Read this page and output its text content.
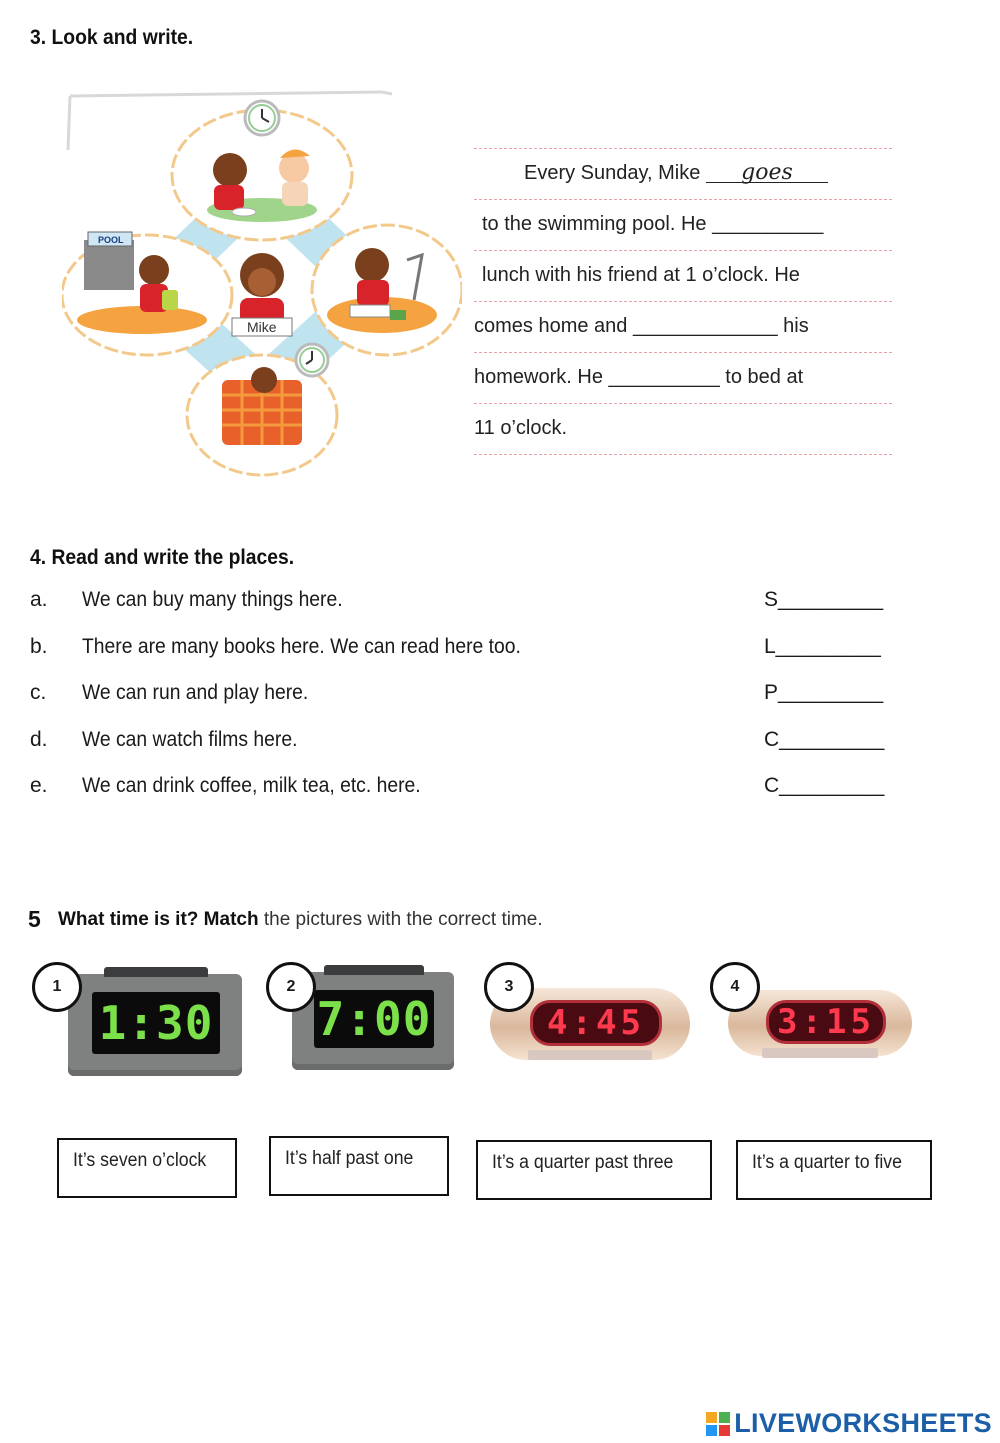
3. Look and write.
POOL
Mike
Every Sunday, Mike goes
to the swimming pool. He __________
lunch with his friend at 1 o’clock. He
comes home and _____________ his
homework. He __________ to bed at
11 o’clock.
4. Read and write the places.
a. We can buy many things here.	S_________
b. There are many books here. We can read here too.	L_________
c. We can run and play here.	P_________
d. We can watch films here.	C_________
e. We can drink coffee, milk tea, etc. here.	C_________
5 What time is it? Match the pictures with the correct time.
1
1:30
2
7:00
3
4:45
4
3:15
It’s seven o’clock	It’s half past one	It’s a quarter past three	It’s a quarter to five
LIVEWORKSHEETS
